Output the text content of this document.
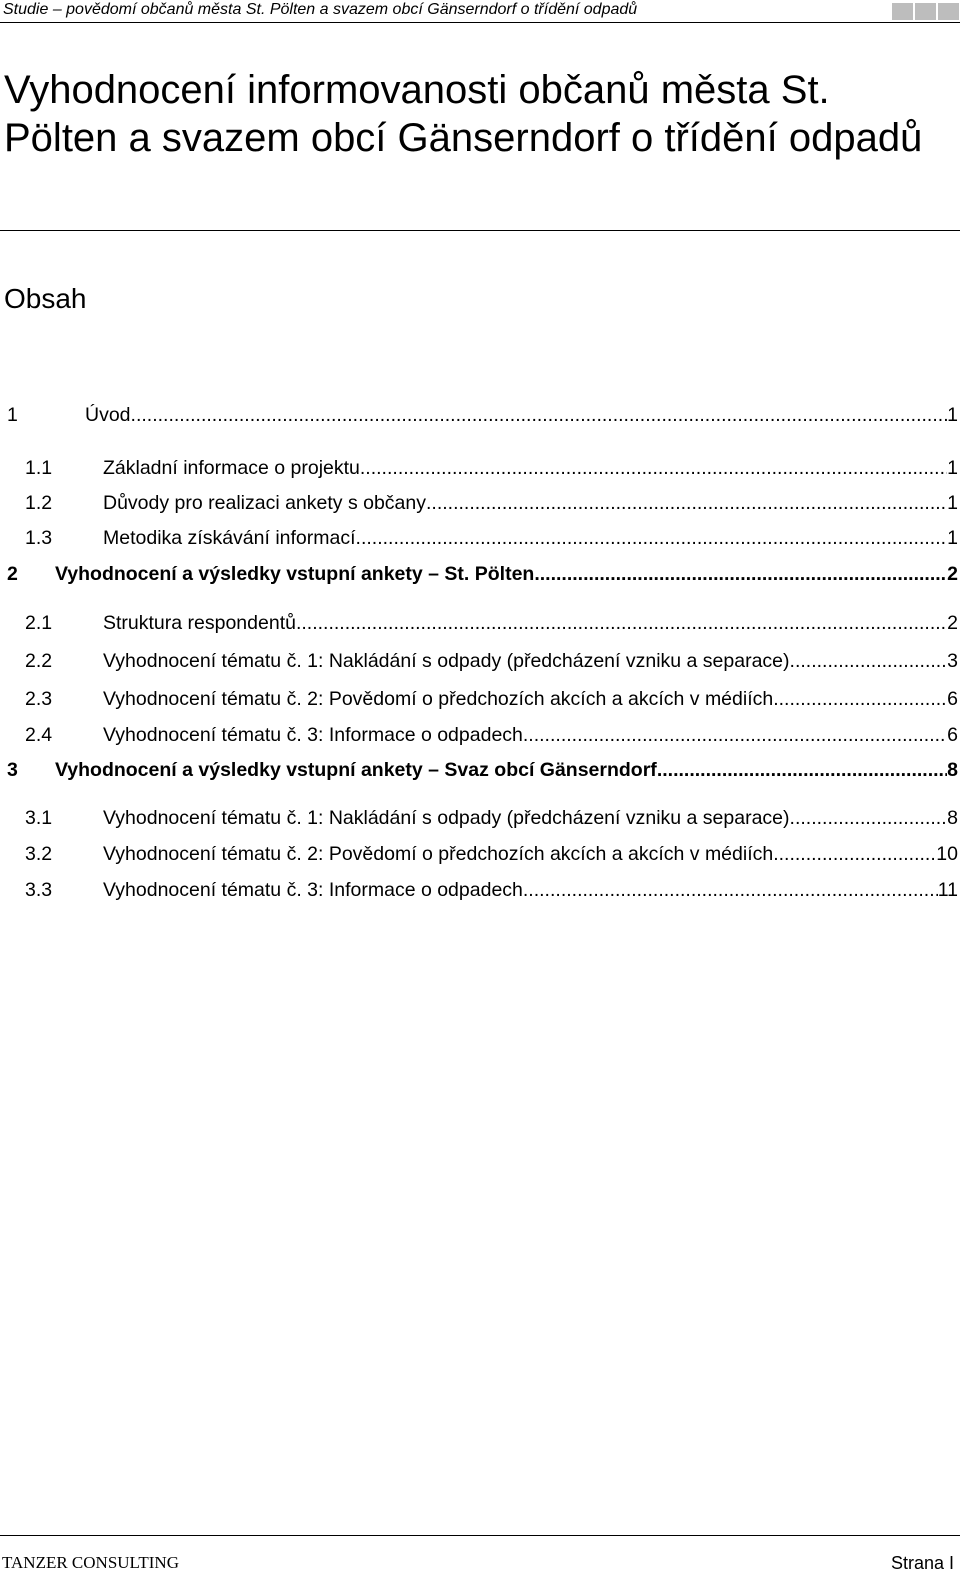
Studie – povědomí občanů města St. Pölten a svazem obcí Gänserndorf o třídění odpadů
Vyhodnocení informovanosti občanů města St. Pölten a svazem obcí Gänserndorf o třídění odpadů
Obsah
1	Úvod .....	1
1.1	Základní informace o projektu .....	1
1.2	Důvody pro realizaci ankety s občany .....	1
1.3	Metodika získávání informací .....	1
2	Vyhodnocení a výsledky vstupní ankety – St. Pölten .....	2
2.1	Struktura respondentů .....	2
2.2	Vyhodnocení tématu č. 1: Nakládání s odpady (předcházení vzniku a separace) .....	3
2.3	Vyhodnocení tématu č. 2: Povědomí o předchozích akcích a akcích v médiích .....	6
2.4	Vyhodnocení tématu č. 3: Informace o odpadech .....	6
3	Vyhodnocení a výsledky vstupní ankety – Svaz obcí Gänserndorf .....	8
3.1	Vyhodnocení tématu č. 1: Nakládání s odpady (předcházení vzniku a separace) .....	8
3.2	Vyhodnocení tématu č. 2: Povědomí o předchozích akcích a akcích v médiích .....	10
3.3	Vyhodnocení tématu č. 3: Informace o odpadech .....	11
TANZER CONSULTING	Strana I
